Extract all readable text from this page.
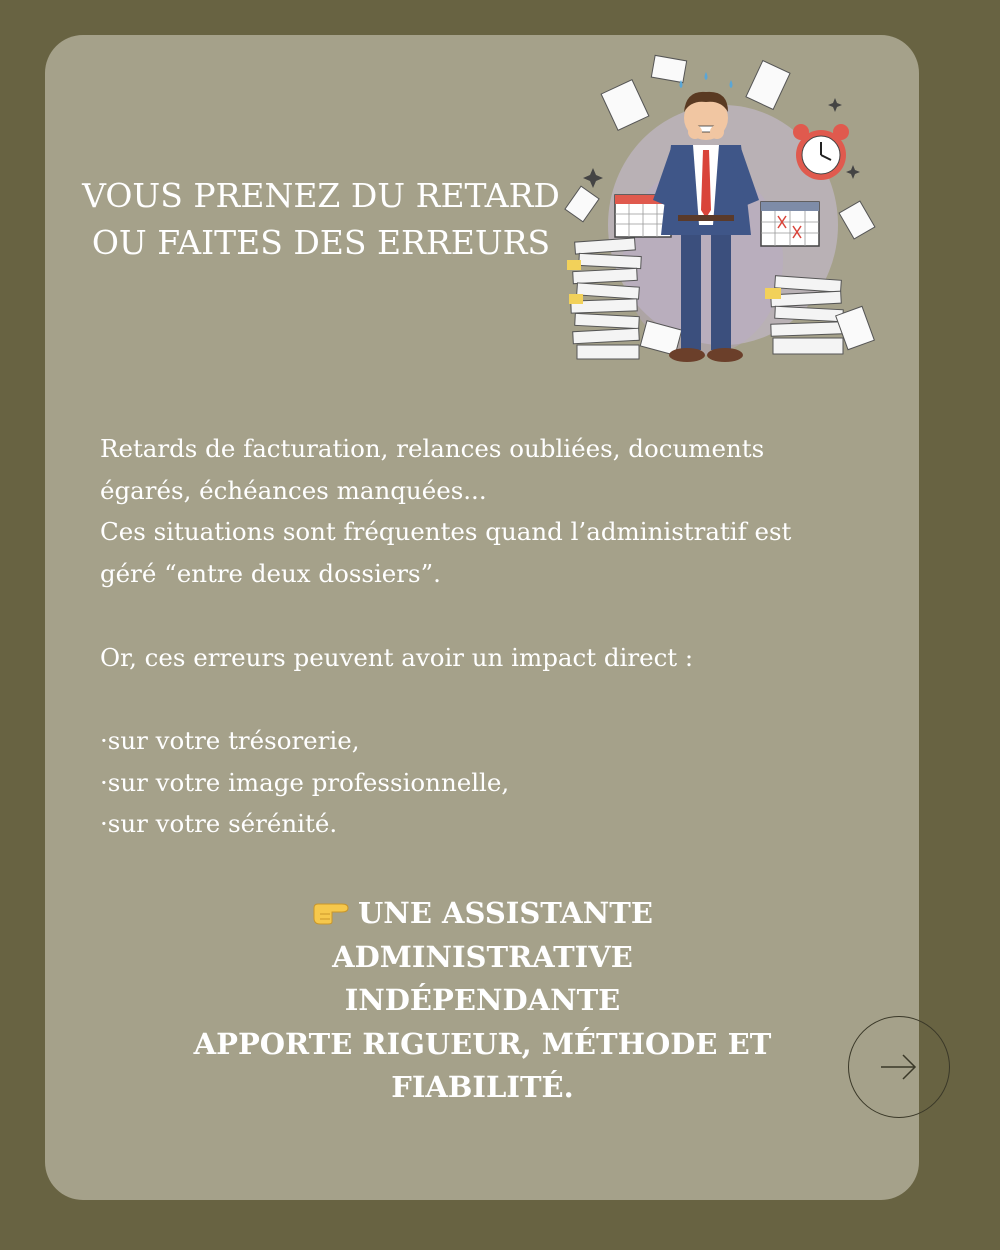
VOUS PRENEZ DU RETARD
OU FAITES DES ERREURS

Retards de facturation, relances oubliées, documents

égarés, échéances manquées...

Ces situations sont fréquentes quand l’administratif est

géré “entre deux dossiers”.

Or, ces erreurs peuvent avoir un impact direct :

·sur votre trésorerie,

·sur votre image professionnelle,

·sur votre sérénité.

UNE ASSISTANTE
ADMINISTRATIVE INDÉPENDANTE
APPORTE RIGUEUR, MÉTHODE ET
FIABILITÉ.
